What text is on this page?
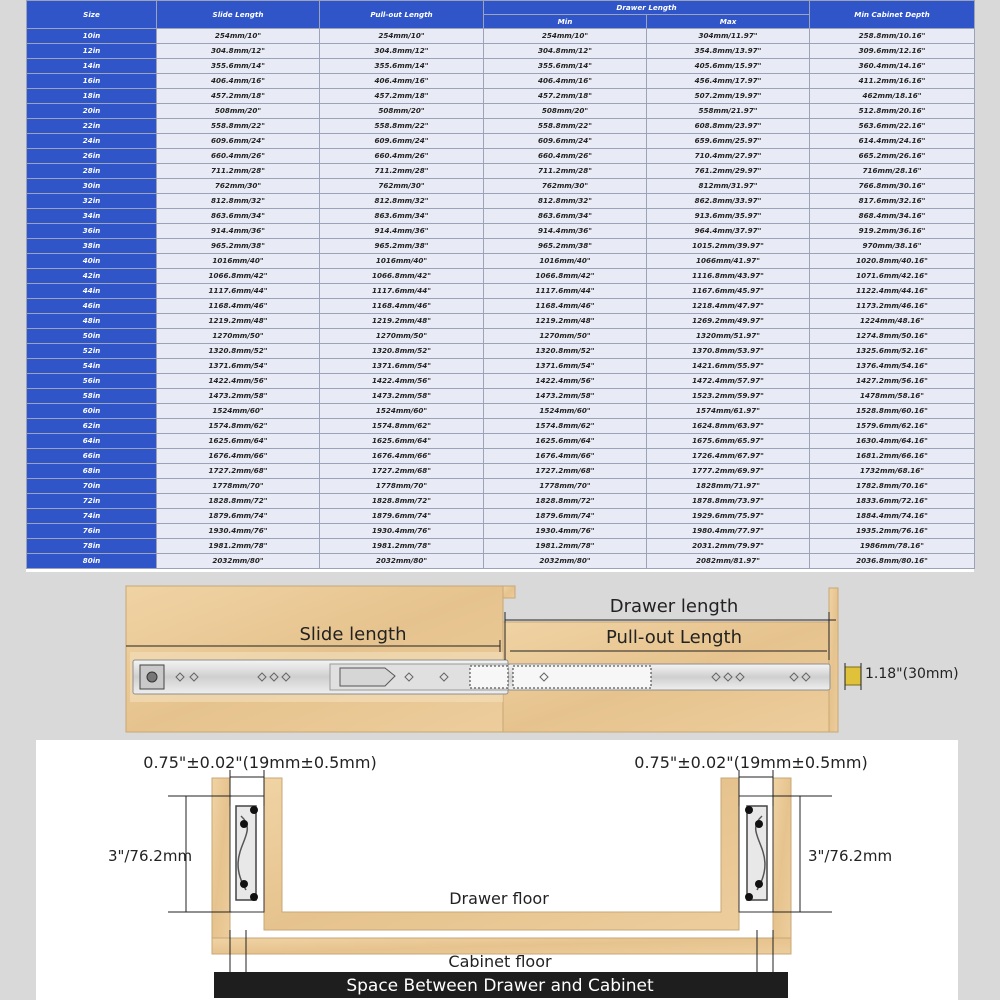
Size	Slide Length	Pull-out Length	Drawer Length		Min Cabinet Depth
			Min	Max	
10in	254mm/10"	254mm/10"	254mm/10"	304mm/11.97"	258.8mm/10.16"
12in	304.8mm/12"	304.8mm/12"	304.8mm/12"	354.8mm/13.97"	309.6mm/12.16"
14in	355.6mm/14"	355.6mm/14"	355.6mm/14"	405.6mm/15.97"	360.4mm/14.16"
16in	406.4mm/16"	406.4mm/16"	406.4mm/16"	456.4mm/17.97"	411.2mm/16.16"
18in	457.2mm/18"	457.2mm/18"	457.2mm/18"	507.2mm/19.97"	462mm/18.16"
20in	508mm/20"	508mm/20"	508mm/20"	558mm/21.97"	512.8mm/20.16"
22in	558.8mm/22"	558.8mm/22"	558.8mm/22"	608.8mm/23.97"	563.6mm/22.16"
24in	609.6mm/24"	609.6mm/24"	609.6mm/24"	659.6mm/25.97"	614.4mm/24.16"
26in	660.4mm/26"	660.4mm/26"	660.4mm/26"	710.4mm/27.97"	665.2mm/26.16"
28in	711.2mm/28"	711.2mm/28"	711.2mm/28"	761.2mm/29.97"	716mm/28.16"
30in	762mm/30"	762mm/30"	762mm/30"	812mm/31.97"	766.8mm/30.16"
32in	812.8mm/32"	812.8mm/32"	812.8mm/32"	862.8mm/33.97"	817.6mm/32.16"
34in	863.6mm/34"	863.6mm/34"	863.6mm/34"	913.6mm/35.97"	868.4mm/34.16"
36in	914.4mm/36"	914.4mm/36"	914.4mm/36"	964.4mm/37.97"	919.2mm/36.16"
38in	965.2mm/38"	965.2mm/38"	965.2mm/38"	1015.2mm/39.97"	970mm/38.16"
40in	1016mm/40"	1016mm/40"	1016mm/40"	1066mm/41.97"	1020.8mm/40.16"
42in	1066.8mm/42"	1066.8mm/42"	1066.8mm/42"	1116.8mm/43.97"	1071.6mm/42.16"
44in	1117.6mm/44"	1117.6mm/44"	1117.6mm/44"	1167.6mm/45.97"	1122.4mm/44.16"
46in	1168.4mm/46"	1168.4mm/46"	1168.4mm/46"	1218.4mm/47.97"	1173.2mm/46.16"
48in	1219.2mm/48"	1219.2mm/48"	1219.2mm/48"	1269.2mm/49.97"	1224mm/48.16"
50in	1270mm/50"	1270mm/50"	1270mm/50"	1320mm/51.97"	1274.8mm/50.16"
52in	1320.8mm/52"	1320.8mm/52"	1320.8mm/52"	1370.8mm/53.97"	1325.6mm/52.16"
54in	1371.6mm/54"	1371.6mm/54"	1371.6mm/54"	1421.6mm/55.97"	1376.4mm/54.16"
56in	1422.4mm/56"	1422.4mm/56"	1422.4mm/56"	1472.4mm/57.97"	1427.2mm/56.16"
58in	1473.2mm/58"	1473.2mm/58"	1473.2mm/58"	1523.2mm/59.97"	1478mm/58.16"
60in	1524mm/60"	1524mm/60"	1524mm/60"	1574mm/61.97"	1528.8mm/60.16"
62in	1574.8mm/62"	1574.8mm/62"	1574.8mm/62"	1624.8mm/63.97"	1579.6mm/62.16"
64in	1625.6mm/64"	1625.6mm/64"	1625.6mm/64"	1675.6mm/65.97"	1630.4mm/64.16"
66in	1676.4mm/66"	1676.4mm/66"	1676.4mm/66"	1726.4mm/67.97"	1681.2mm/66.16"
68in	1727.2mm/68"	1727.2mm/68"	1727.2mm/68"	1777.2mm/69.97"	1732mm/68.16"
70in	1778mm/70"	1778mm/70"	1778mm/70"	1828mm/71.97"	1782.8mm/70.16"
72in	1828.8mm/72"	1828.8mm/72"	1828.8mm/72"	1878.8mm/73.97"	1833.6mm/72.16"
74in	1879.6mm/74"	1879.6mm/74"	1879.6mm/74"	1929.6mm/75.97"	1884.4mm/74.16"
76in	1930.4mm/76"	1930.4mm/76"	1930.4mm/76"	1980.4mm/77.97"	1935.2mm/76.16"
78in	1981.2mm/78"	1981.2mm/78"	1981.2mm/78"	2031.2mm/79.97"	1986mm/78.16"
80in	2032mm/80"	2032mm/80"	2032mm/80"	2082mm/81.97"	2036.8mm/80.16"
Drawer length
Slide length	Pull-out Length
1.18"(30mm)
0.75"±0.02"(19mm±0.5mm)	0.75"±0.02"(19mm±0.5mm)
3"/76.2mm	3"/76.2mm
Drawer floor
Cabinet floor
Space Between Drawer and Cabinet
